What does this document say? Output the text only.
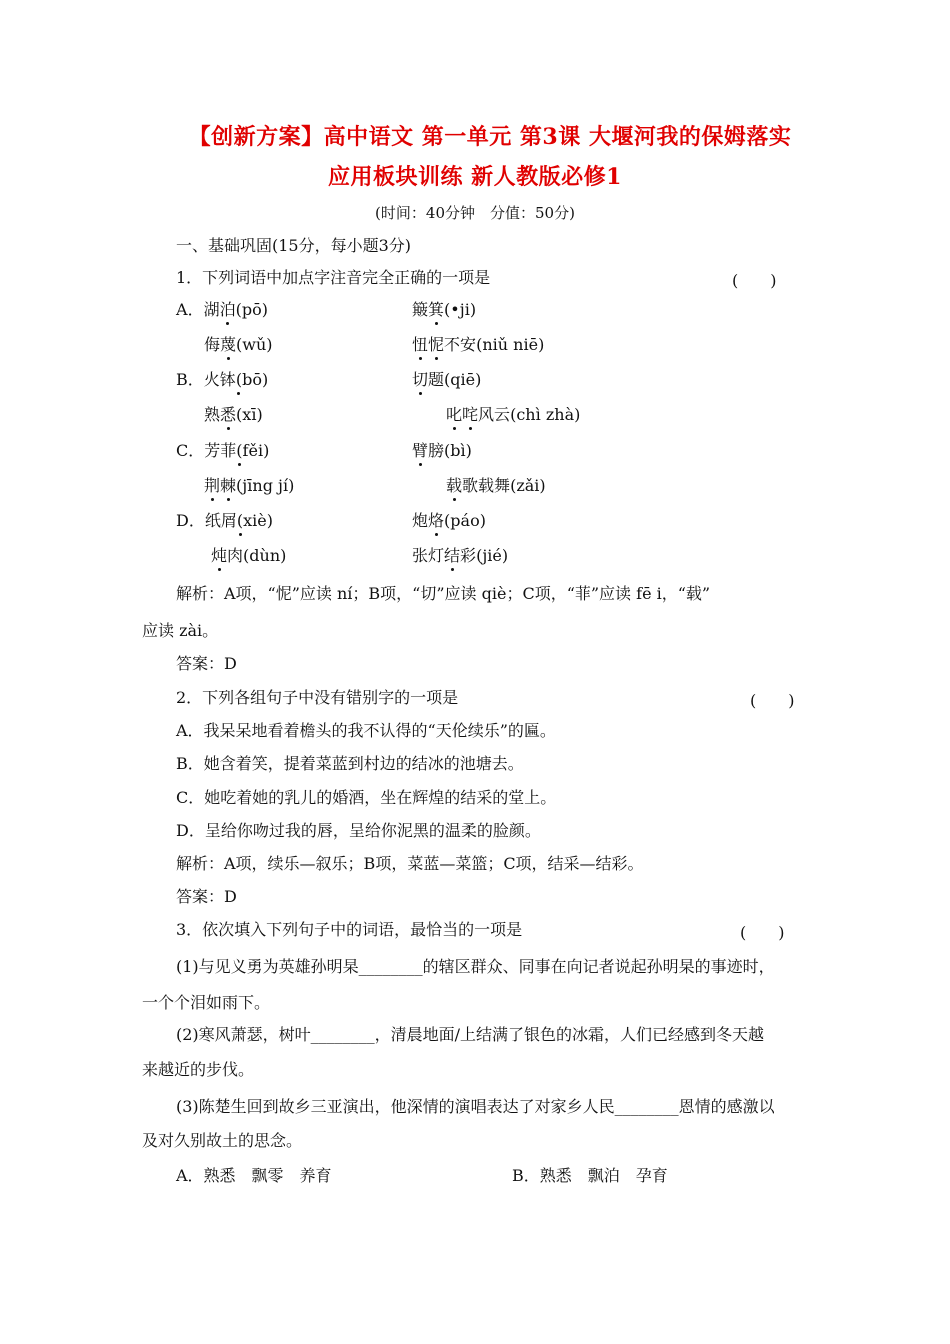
【创新方案】高中语文 第一单元 第3课 大堰河我的保姆落实
应用板块训练 新人教版必修1
(时间：40分钟　分值：50分)
一、基础巩固(15分，每小题3分)
1．下列词语中加点字注音完全正确的一项是	(　　)
A．湖泊(pō)	簸箕(•ji)
侮蔑(wǔ)	忸怩不安(niǔ niē)
B．火钵(bō)	切题(qiē)
熟悉(xī)	叱咤风云(chì zhà)
C．芳菲(fěi)	臂膀(bì)
荆棘(jīng jí)	载歌载舞(zǎi)
D．纸屑(xiè)	炮烙(páo)
炖肉(dùn)	张灯结彩(jié)
解析：A项，“怩”应读 ní；B项，“切”应读 qiè；C项，“菲”应读 fē i，“载”
应读 zài。
答案：D
2．下列各组句子中没有错别字的一项是	(　　)
A．我呆呆地看着檐头的我不认得的“天伦续乐”的匾。
B．她含着笑，提着菜蓝到村边的结冰的池塘去。
C．她吃着她的乳儿的婚酒，坐在辉煌的结采的堂上。
D．呈给你吻过我的唇，呈给你泥黑的温柔的脸颜。
解析：A项，续乐—叙乐；B项，菜蓝—菜篮；C项，结采—结彩。
答案：D
3．依次填入下列句子中的词语，最恰当的一项是	(　　)
(1)与见义勇为英雄孙明杲________的辖区群众、同事在向记者说起孙明杲的事迹时，
一个个泪如雨下。
(2)寒风萧瑟，树叶________，清晨地面/上结满了银色的冰霜，人们已经感到冬天越
来越近的步伐。
(3)陈楚生回到故乡三亚演出，他深情的演唱表达了对家乡人民________恩情的感激以
及对久别故土的思念。
A．熟悉　飘零　养育	B．熟悉　飘泊　孕育
